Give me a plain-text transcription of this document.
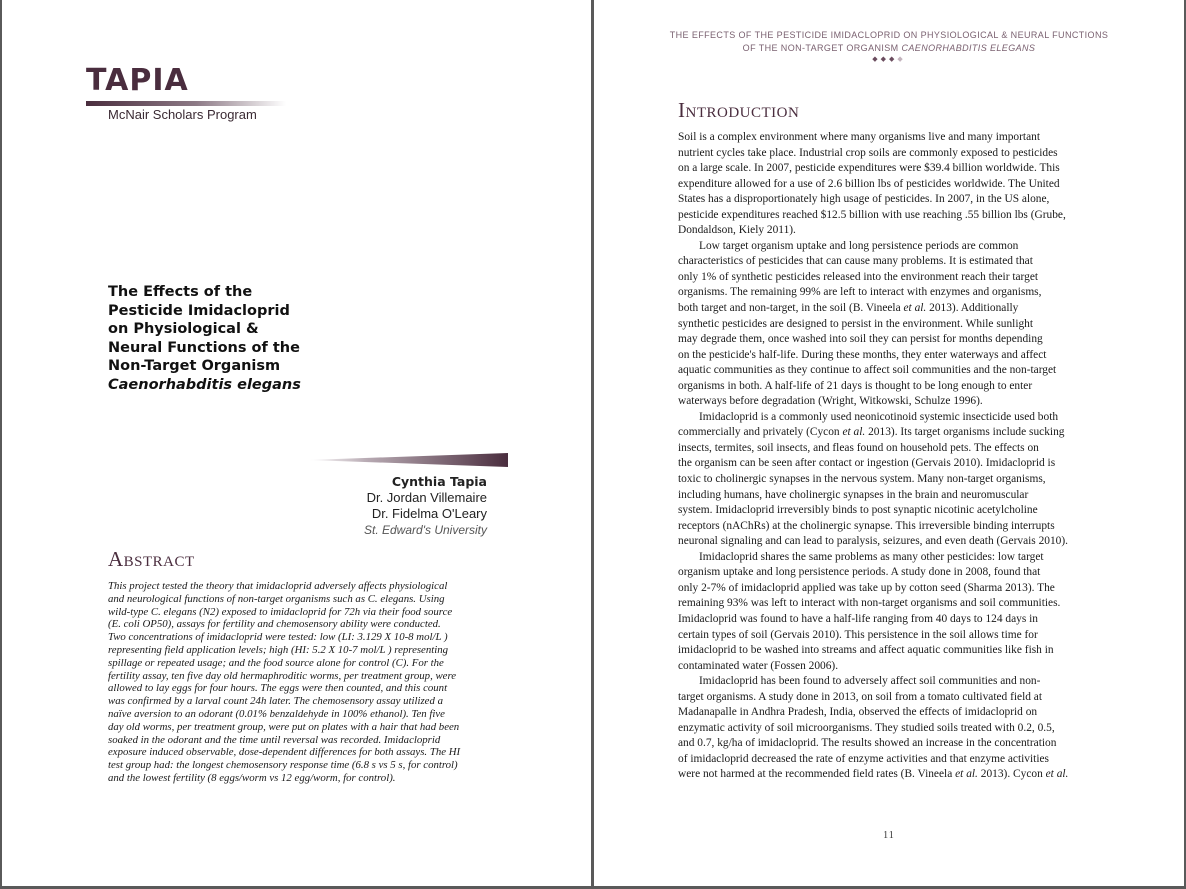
TAPIA

McNair Scholars Program

The Effects of the
Pesticide Imidacloprid
on Physiological &
Neural Functions of the
Non-Target Organism
Caenorhabditis elegans
Cynthia Tapia
Dr. Jordan Villemaire
Dr. Fidelma O'Leary
St. Edward's University
Abstract
This project tested the theory that imidacloprid adversely affects physiological
and neurological functions of non-target organisms such as C. elegans. Using
wild-type C. elegans (N2) exposed to imidacloprid for 72h via their food source
(E. coli OP50), assays for fertility and chemosensory ability were conducted.
Two concentrations of imidacloprid were tested: low (LI: 3.129 X 10-8 mol/L )
representing field application levels; high (HI: 5.2 X 10-7 mol/L ) representing
spillage or repeated usage; and the food source alone for control (C). For the
fertility assay, ten five day old hermaphroditic worms, per treatment group, were
allowed to lay eggs for four hours. The eggs were then counted, and this count
was confirmed by a larval count 24h later. The chemosensory assay utilized a
naïve aversion to an odorant (0.01% benzaldehyde in 100% ethanol). Ten five
day old worms, per treatment group, were put on plates with a hair that had been
soaked in the odorant and the time until reversal was recorded. Imidacloprid
exposure induced observable, dose-dependent differences for both assays. The HI
test group had: the longest chemosensory response time (6.8 s vs 5 s, for control)
and the lowest fertility (8 eggs/worm vs 12 egg/worm, for control).
THE EFFECTS OF THE PESTICIDE IMIDACLOPRID ON PHYSIOLOGICAL & NEURAL FUNCTIONS
OF THE NON-TARGET ORGANISM CAENORHABDITIS ELEGANS
◆◆◆◆
Introduction
Soil is a complex environment where many organisms live and many important
nutrient cycles take place. Industrial crop soils are commonly exposed to pesticides
on a large scale. In 2007, pesticide expenditures were $39.4 billion worldwide. This
expenditure allowed for a use of 2.6 billion lbs of pesticides worldwide. The United
States has a disproportionately high usage of pesticides. In 2007, in the US alone,
pesticide expenditures reached $12.5 billion with use reaching .55 billion lbs (Grube,
Dondaldson, Kiely 2011).
Low target organism uptake and long persistence periods are common
characteristics of pesticides that can cause many problems. It is estimated that
only 1% of synthetic pesticides released into the environment reach their target
organisms. The remaining 99% are left to interact with enzymes and organisms,
both target and non-target, in the soil (B. Vineela et al. 2013). Additionally
synthetic pesticides are designed to persist in the environment. While sunlight
may degrade them, once washed into soil they can persist for months depending
on the pesticide's half-life. During these months, they enter waterways and affect
aquatic communities as they continue to affect soil communities and the non-target
organisms in both. A half-life of 21 days is thought to be long enough to enter
waterways before degradation (Wright, Witkowski, Schulze 1996).
Imidacloprid is a commonly used neonicotinoid systemic insecticide used both
commercially and privately (Cycon et al. 2013). Its target organisms include sucking
insects, termites, soil insects, and fleas found on household pets. The effects on
the organism can be seen after contact or ingestion (Gervais 2010). Imidacloprid is
toxic to cholinergic synapses in the nervous system. Many non-target organisms,
including humans, have cholinergic synapses in the brain and neuromuscular
system. Imidacloprid irreversibly binds to post synaptic nicotinic acetylcholine
receptors (nAChRs) at the cholinergic synapse. This irreversible binding interrupts
neuronal signaling and can lead to paralysis, seizures, and even death (Gervais 2010).
Imidacloprid shares the same problems as many other pesticides: low target
organism uptake and long persistence periods. A study done in 2008, found that
only 2-7% of imidacloprid applied was take up by cotton seed (Sharma 2013). The
remaining 93% was left to interact with non-target organisms and soil communities.
Imidacloprid was found to have a half-life ranging from 40 days to 124 days in
certain types of soil (Gervais 2010). This persistence in the soil allows time for
imidacloprid to be washed into streams and affect aquatic communities like fish in
contaminated water (Fossen 2006).
Imidacloprid has been found to adversely affect soil communities and non-
target organisms. A study done in 2013, on soil from a tomato cultivated field at
Madanapalle in Andhra Pradesh, India, observed the effects of imidacloprid on
enzymatic activity of soil microorganisms. They studied soils treated with 0.2, 0.5,
and 0.7, kg/ha of imidacloprid. The results showed an increase in the concentration
of imidacloprid decreased the rate of enzyme activities and that enzyme activities
were not harmed at the recommended field rates (B. Vineela et al. 2013). Cycon et al.
11
